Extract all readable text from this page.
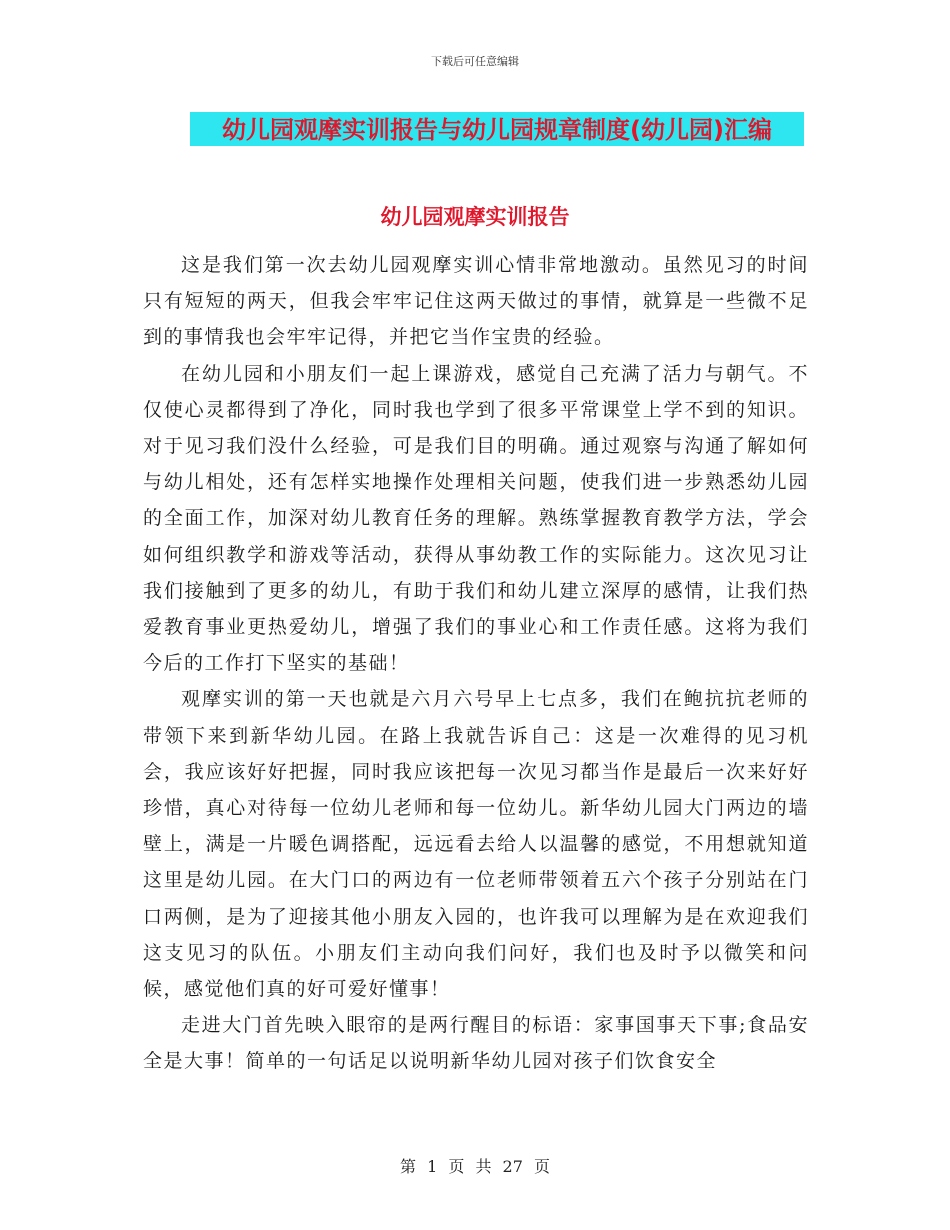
下载后可任意编辑
幼儿园观摩实训报告与幼儿园规章制度(幼儿园)汇编
幼儿园观摩实训报告

这是我们第一次去幼儿园观摩实训心情非常地激动。虽然见习的时间只有短短的两天，但我会牢牢记住这两天做过的事情，就算是一些微不足到的事情我也会牢牢记得，并把它当作宝贵的经验。

在幼儿园和小朋友们一起上课游戏，感觉自己充满了活力与朝气。不仅使心灵都得到了净化，同时我也学到了很多平常课堂上学不到的知识。对于见习我们没什么经验，可是我们目的明确。通过观察与沟通了解如何与幼儿相处，还有怎样实地操作处理相关问题，使我们进一步熟悉幼儿园的全面工作，加深对幼儿教育任务的理解。熟练掌握教育教学方法，学会如何组织教学和游戏等活动，获得从事幼教工作的实际能力。这次见习让我们接触到了更多的幼儿，有助于我们和幼儿建立深厚的感情，让我们热爱教育事业更热爱幼儿，增强了我们的事业心和工作责任感。这将为我们今后的工作打下坚实的基础！

观摩实训的第一天也就是六月六号早上七点多，我们在鲍抗抗老师的带领下来到新华幼儿园。在路上我就告诉自己：这是一次难得的见习机会，我应该好好把握，同时我应该把每一次见习都当作是最后一次来好好珍惜，真心对待每一位幼儿老师和每一位幼儿。新华幼儿园大门两边的墙壁上，满是一片暖色调搭配，远远看去给人以温馨的感觉，不用想就知道这里是幼儿园。在大门口的两边有一位老师带领着五六个孩子分别站在门口两侧，是为了迎接其他小朋友入园的，也许我可以理解为是在欢迎我们这支见习的队伍。小朋友们主动向我们问好，我们也及时予以微笑和问候，感觉他们真的好可爱好懂事！

走进大门首先映入眼帘的是两行醒目的标语：家事国事天下事;食品安全是大事！简单的一句话足以说明新华幼儿园对孩子们饮食安全

第 1 页 共 27 页
